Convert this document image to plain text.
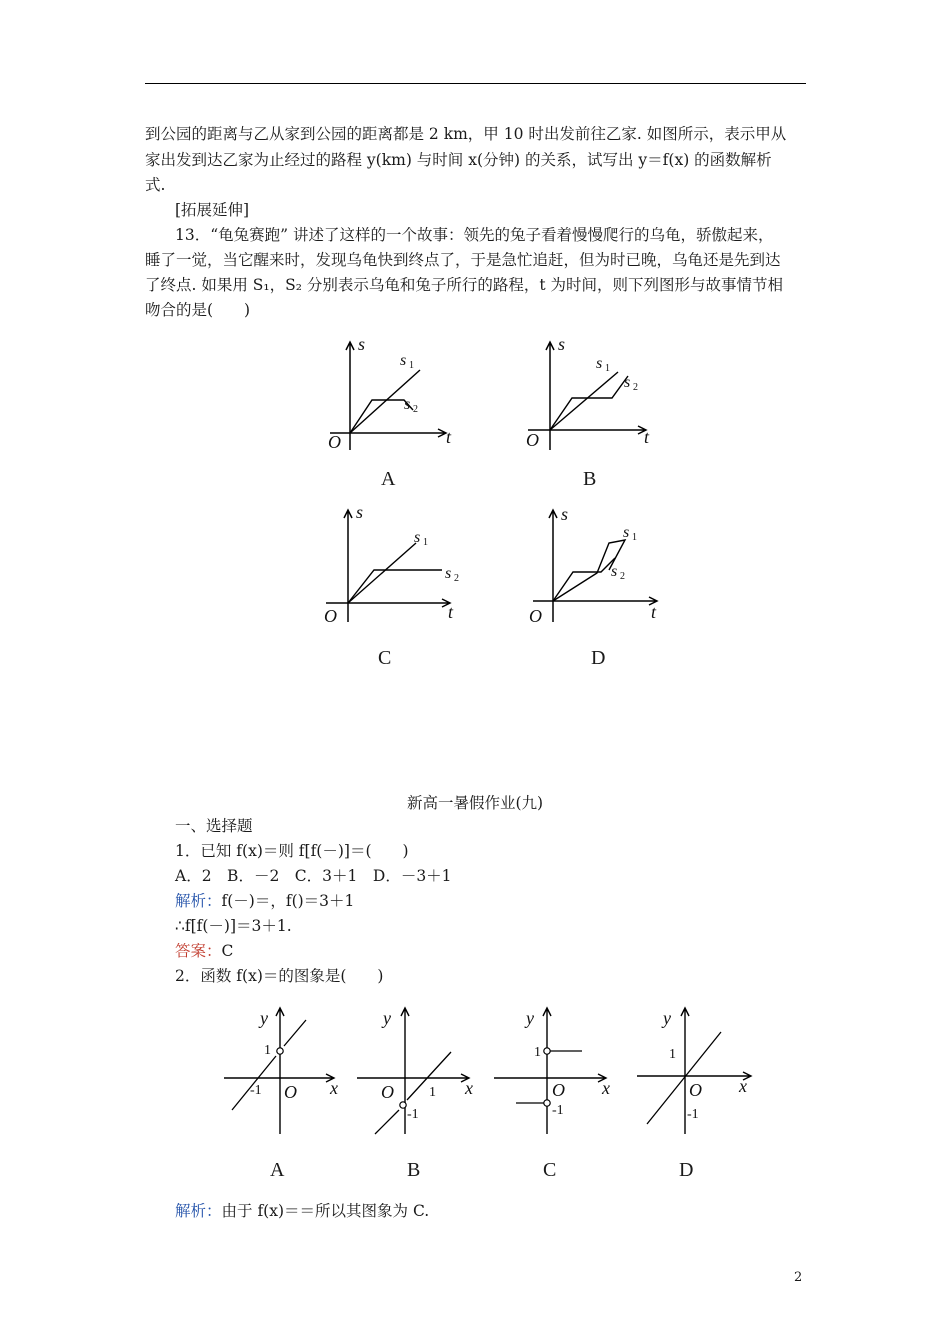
到公园的距离与乙从家到公园的距离都是 2 km，甲 10 时出发前往乙家. 如图所示，表示甲从
家出发到达乙家为止经过的路程 y(km) 与时间 x(分钟) 的关系，试写出 y＝f(x) 的函数解析
式.
[拓展延伸]
13．“龟兔赛跑” 讲述了这样的一个故事：领先的兔子看着慢慢爬行的乌龟，骄傲起来，
睡了一觉，当它醒来时，发现乌龟快到终点了，于是急忙追赶，但为时已晚，乌龟还是先到达
了终点. 如果用 S₁，S₂ 分别表示乌龟和兔子所行的路程，t 为时间，则下列图形与故事情节相
吻合的是(　　)
s
t
O
s 1
s 2
A
s
t
O
s 1
s 2
B
s
t
O
s 1
s 2
C
s
t
O
s 1
s 2
D
新高一暑假作业(九)
一、选择题
1．已知 f(x)＝则 f[f(－)]＝(　　)
A．2　B．－2　C．3＋1　D．－3＋1
解析：f(－)＝，f()＝3＋1
∴f[f(－)]＝3＋1.
答案：C
2．函数 f(x)＝的图象是(　　)
y
x
O
1
-1
A
y
x
O	1
-1
B
y
x
O
1
-1
C
y
x
O
1
-1
D
解析：由于 f(x)＝＝所以其图象为 C.
2
